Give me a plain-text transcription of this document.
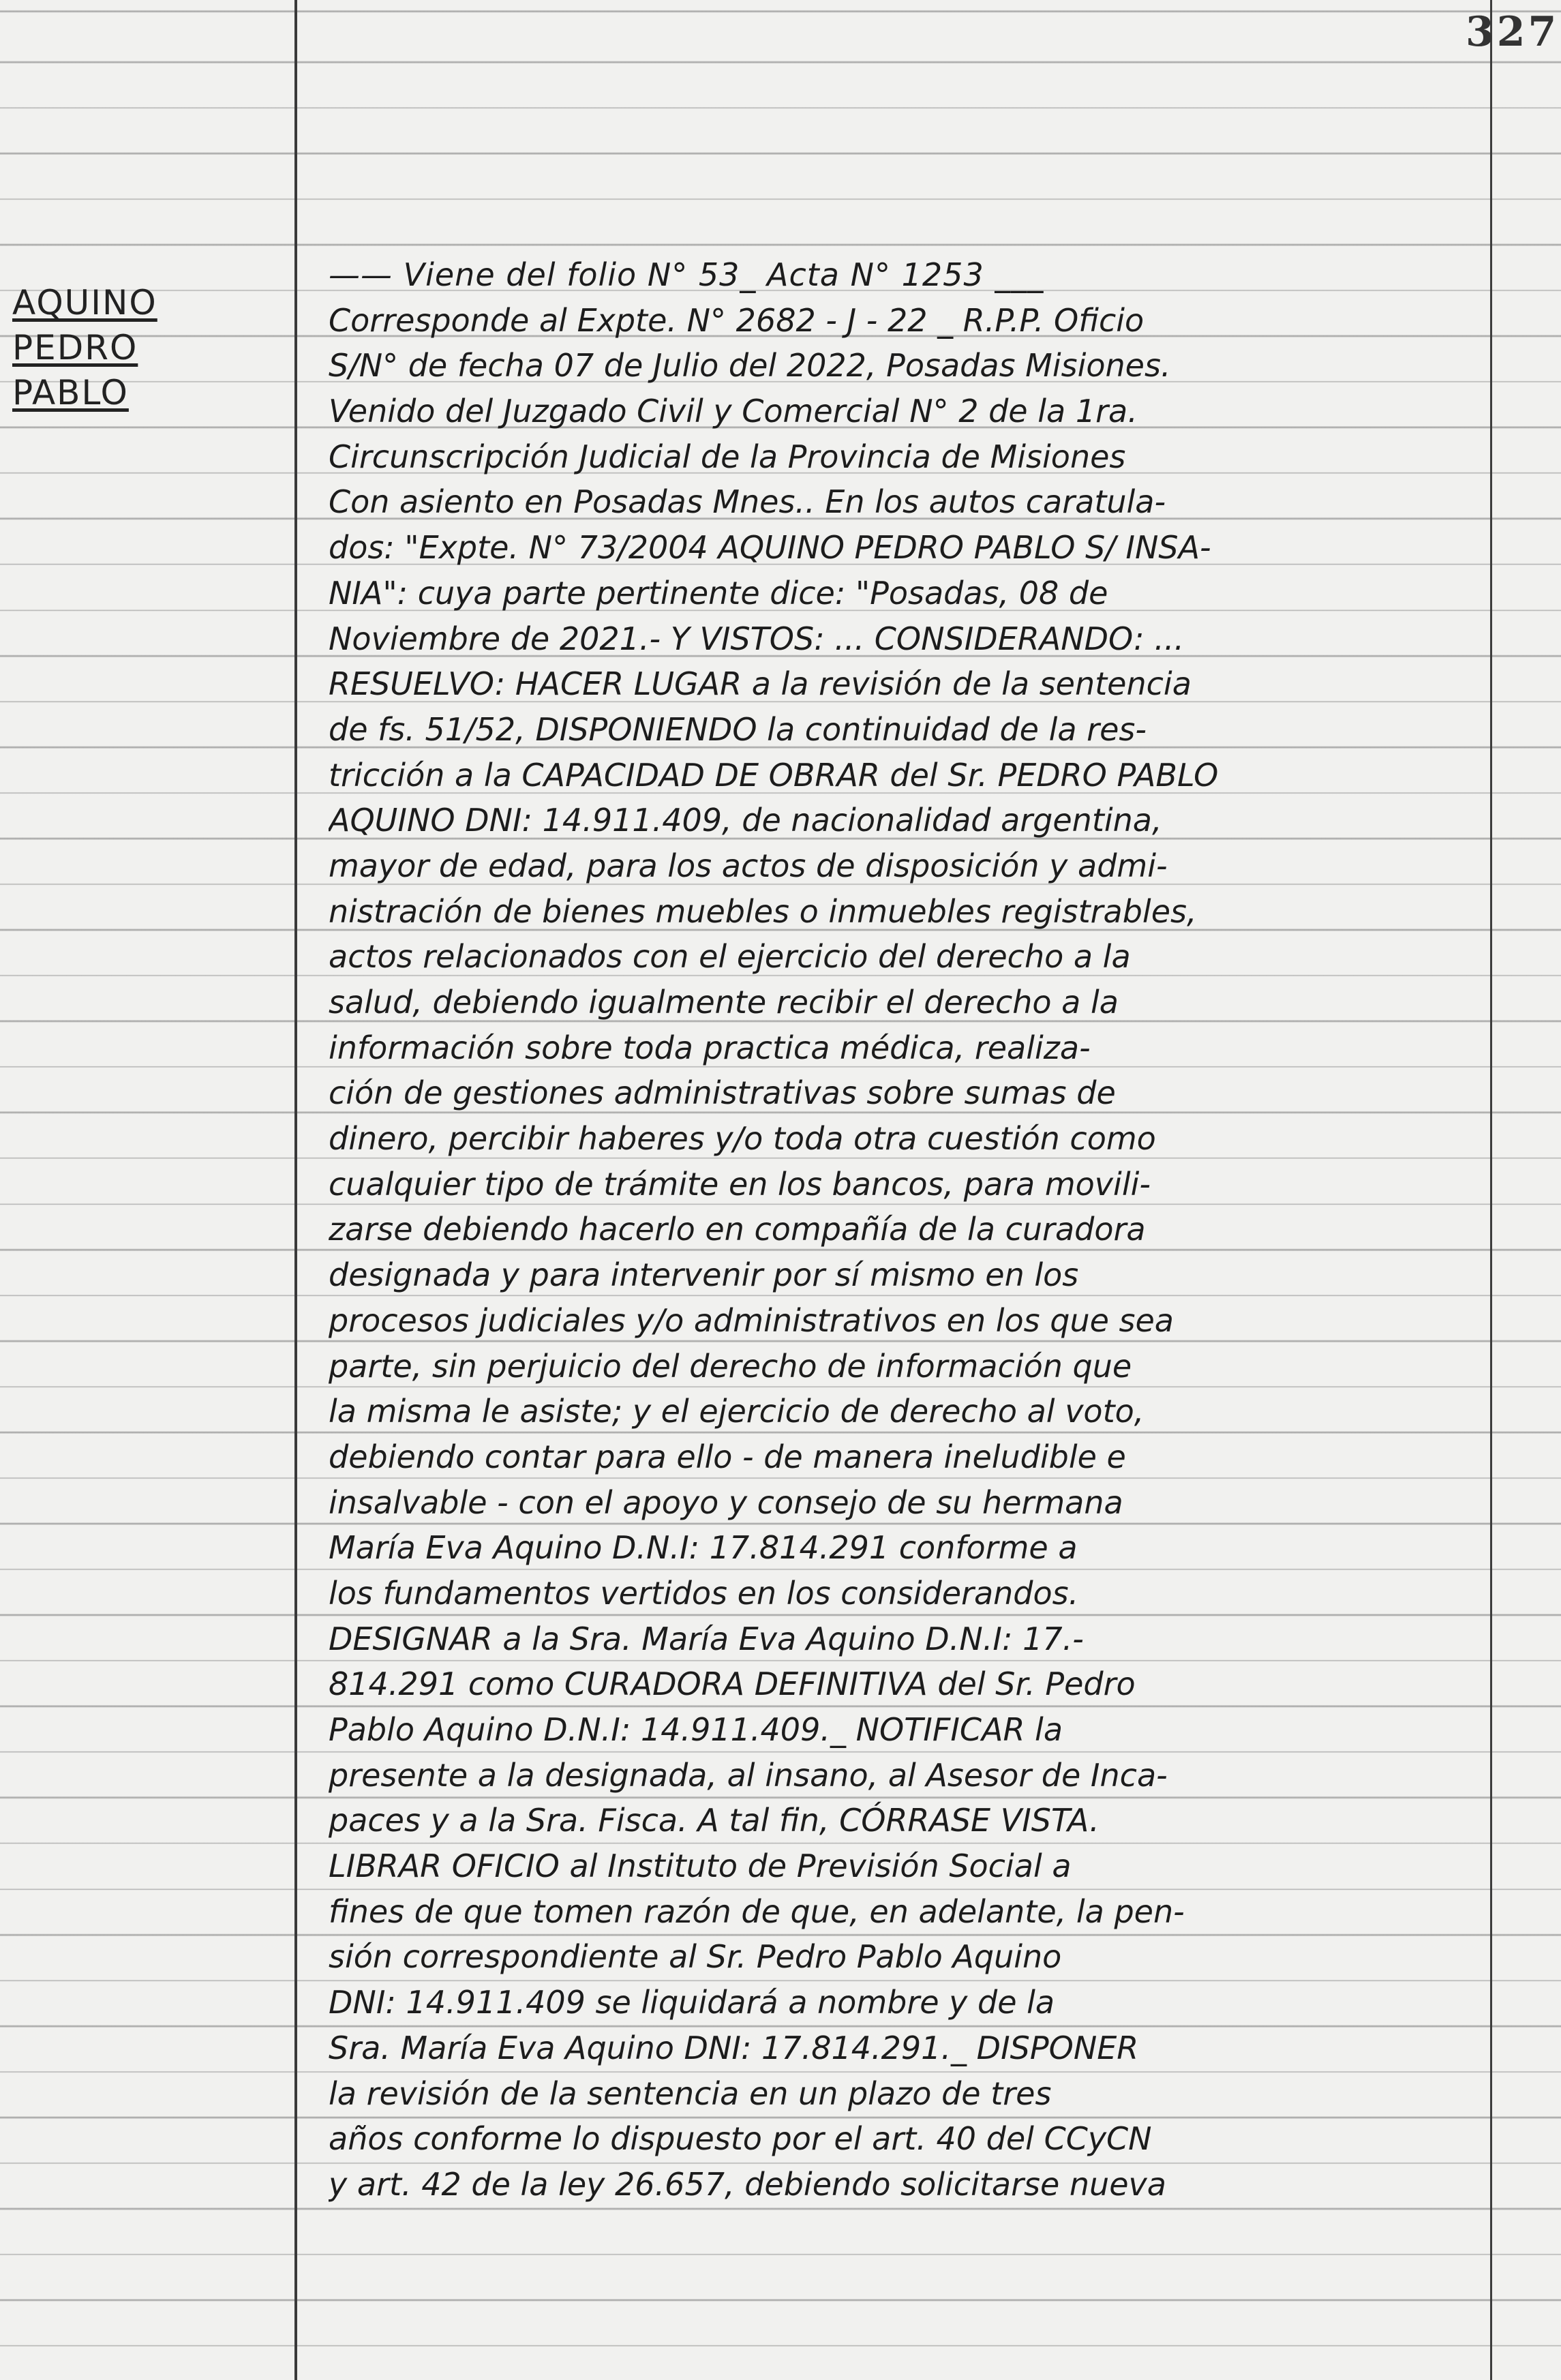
327
AQUINO
PEDRO
PABLO
—— Viene del folio N° 53_ Acta N° 1253 ___
Corresponde al Expte. N° 2682 - J - 22 _ R.P.P. Oficio
S/N° de fecha 07 de Julio del 2022, Posadas Misiones.
Venido del Juzgado Civil y Comercial N° 2 de la 1ra.
Circunscripción Judicial de la Provincia de Misiones
Con asiento en Posadas Mnes.. En los autos caratula-
dos: "Expte. N° 73/2004 AQUINO PEDRO PABLO S/ INSA-
NIA": cuya parte pertinente dice: "Posadas, 08 de
Noviembre de 2021.- Y VISTOS: ... CONSIDERANDO: ...
RESUELVO: HACER LUGAR a la revisión de la sentencia
de fs. 51/52, DISPONIENDO la continuidad de la res-
tricción a la CAPACIDAD DE OBRAR del Sr. PEDRO PABLO
AQUINO DNI: 14.911.409, de nacionalidad argentina,
mayor de edad, para los actos de disposición y admi-
nistración de bienes muebles o inmuebles registrables,
actos relacionados con el ejercicio del derecho a la
salud, debiendo igualmente recibir el derecho a la
información sobre toda practica médica, realiza-
ción de gestiones administrativas sobre sumas de
dinero, percibir haberes y/o toda otra cuestión como
cualquier tipo de trámite en los bancos, para movili-
zarse debiendo hacerlo en compañía de la curadora
designada y para intervenir por sí mismo en los
procesos judiciales y/o administrativos en los que sea
parte, sin perjuicio del derecho de información que
la misma le asiste; y el ejercicio de derecho al voto,
debiendo contar para ello - de manera ineludible e
insalvable - con el apoyo y consejo de su hermana
María Eva Aquino D.N.I: 17.814.291 conforme a
los fundamentos vertidos en los considerandos.
DESIGNAR a la Sra. María Eva Aquino D.N.I: 17.-
814.291 como CURADORA DEFINITIVA del Sr. Pedro
Pablo Aquino D.N.I: 14.911.409._ NOTIFICAR la
presente a la designada, al insano, al Asesor de Inca-
paces y a la Sra. Fisca. A tal fin, CÓRRASE VISTA.
LIBRAR OFICIO al Instituto de Previsión Social a
fines de que tomen razón de que, en adelante, la pen-
sión correspondiente al Sr. Pedro Pablo Aquino
DNI: 14.911.409 se liquidará a nombre y de la
Sra. María Eva Aquino DNI: 17.814.291._ DISPONER
la revisión de la sentencia en un plazo de tres
años conforme lo dispuesto por el art. 40 del CCyCN
y art. 42 de la ley 26.657, debiendo solicitarse nueva
